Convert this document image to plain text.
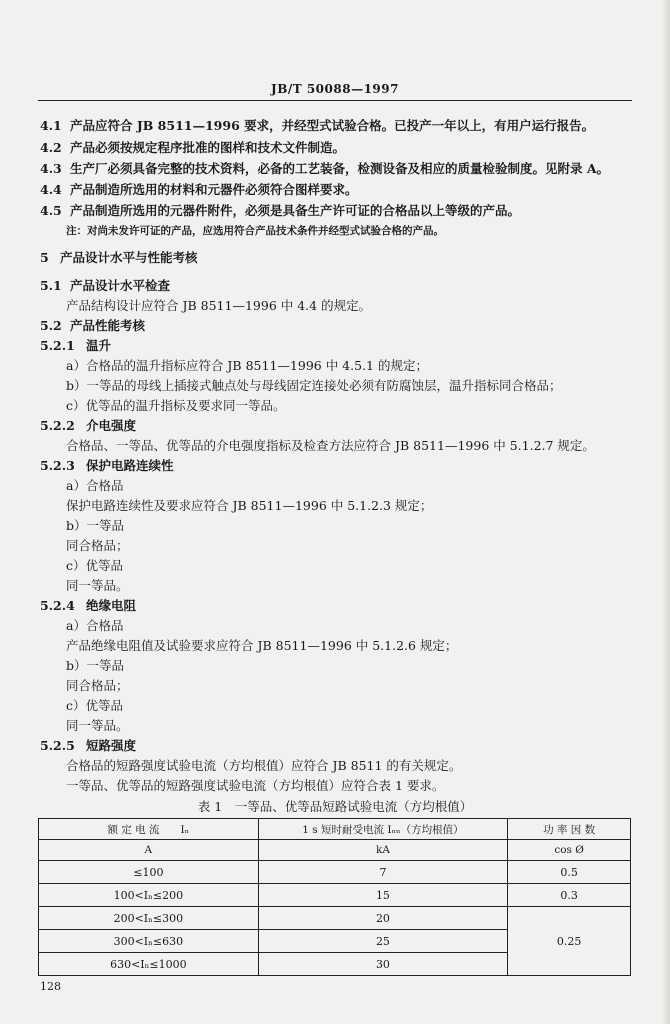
JB/T 50088—1997
4.1 产品应符合 JB 8511—1996 要求，并经型式试验合格。已投产一年以上，有用户运行报告。
4.2 产品必须按规定程序批准的图样和技术文件制造。
4.3 生产厂必须具备完整的技术资料，必备的工艺装备，检测设备及相应的质量检验制度。见附录 A。
4.4 产品制造所选用的材料和元器件必须符合图样要求。
4.5 产品制造所选用的元器件附件，必须是具备生产许可证的合格品以上等级的产品。
注：对尚未发许可证的产品，应选用符合产品技术条件并经型式试验合格的产品。
5 产品设计水平与性能考核
5.1 产品设计水平检查
产品结构设计应符合 JB 8511—1996 中 4.4 的规定。
5.2 产品性能考核
5.2.1 温升
a）合格品的温升指标应符合 JB 8511—1996 中 4.5.1 的规定；
b）一等品的母线上插接式触点处与母线固定连接处必须有防腐蚀层，温升指标同合格品；
c）优等品的温升指标及要求同一等品。
5.2.2 介电强度
合格品、一等品、优等品的介电强度指标及检查方法应符合 JB 8511—1996 中 5.1.2.7 规定。
5.2.3 保护电路连续性
a）合格品
保护电路连续性及要求应符合 JB 8511—1996 中 5.1.2.3 规定；
b）一等品
同合格品；
c）优等品
同一等品。
5.2.4 绝缘电阻
a）合格品
产品绝缘电阻值及试验要求应符合 JB 8511—1996 中 5.1.2.6 规定；
b）一等品
同合格品；
c）优等品
同一等品。
5.2.5 短路强度
合格品的短路强度试验电流（方均根值）应符合 JB 8511 的有关规定。
一等品、优等品的短路强度试验电流（方均根值）应符合表 1 要求。
表 1　一等品、优等品短路试验电流（方均根值）
额 定 电 流　　Iₙ	1 s 短时耐受电流 Iₙₙ（方均根值）	功 率 因 数
A	kA	cos Ø
≤100	7	0.5
100<Iₙ≤200	15	0.3
200<Iₙ≤300	20	0.25
300<Iₙ≤630	25	
630<Iₙ≤1000	30	
128
